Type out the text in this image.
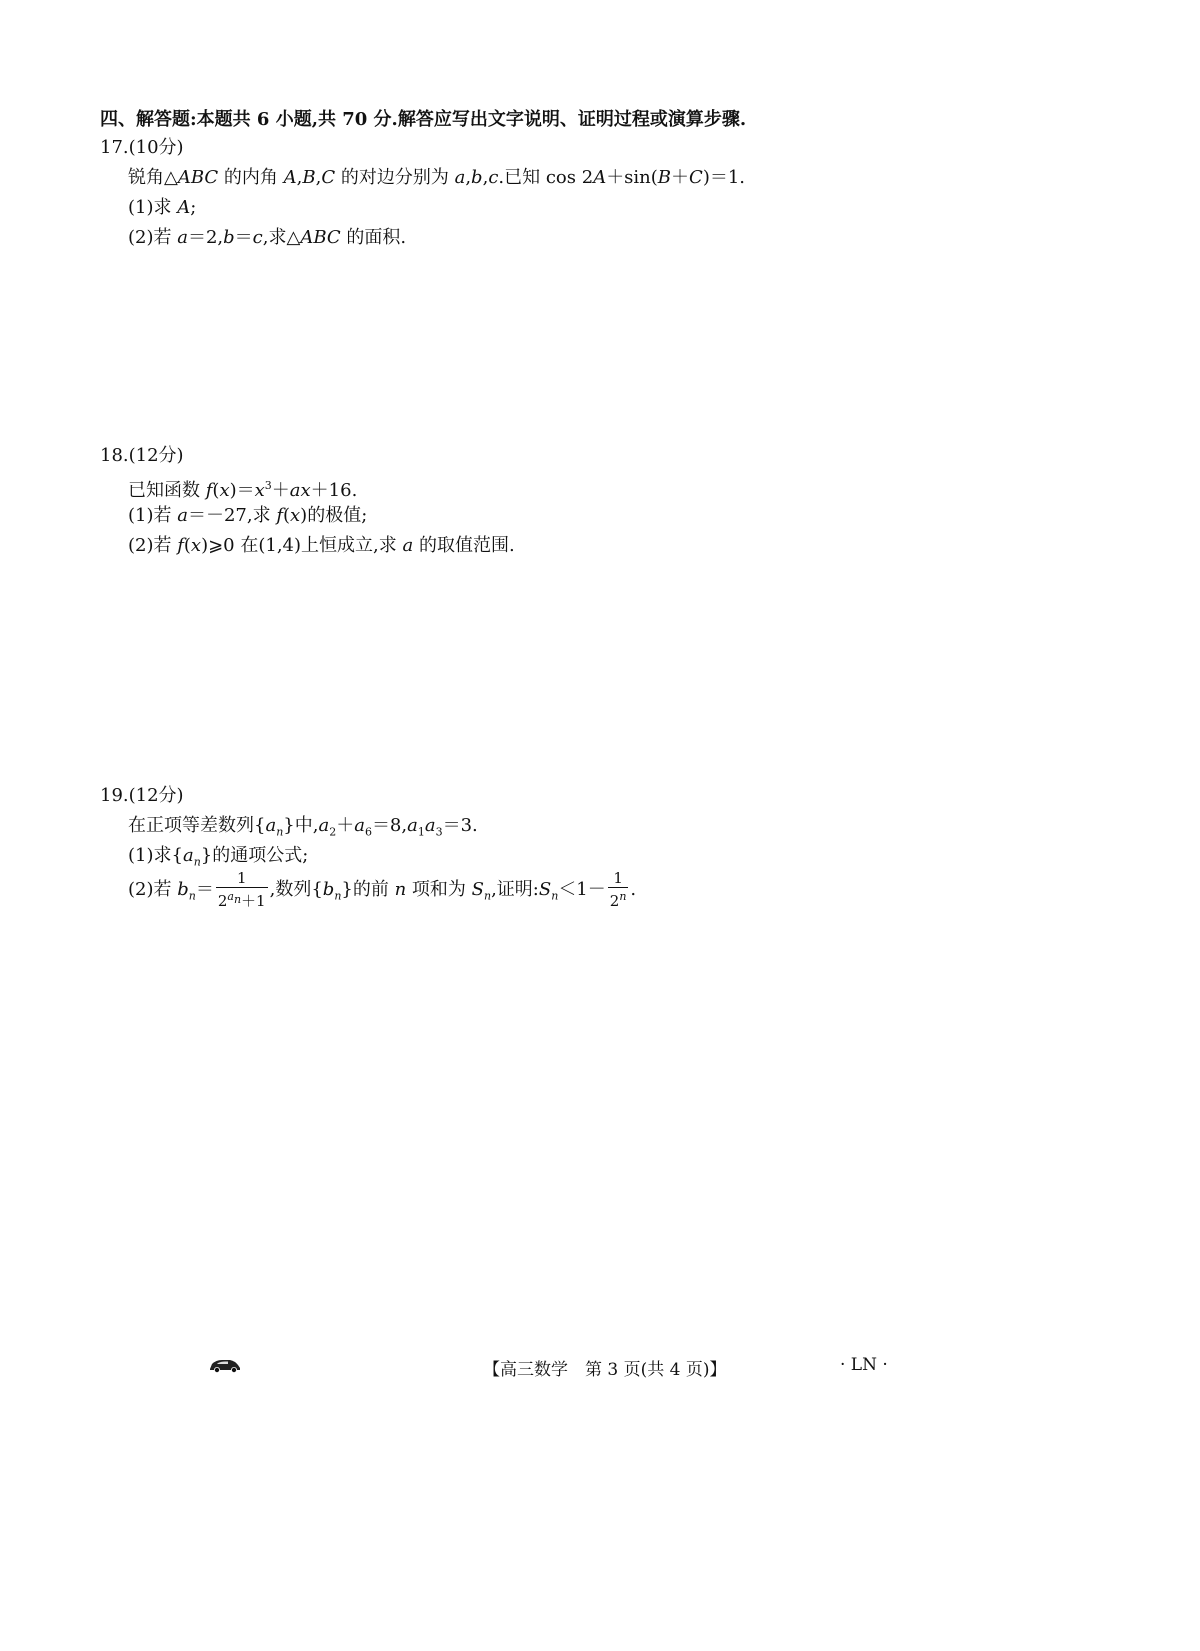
四、解答题:本题共 6 小题,共 70 分.解答应写出文字说明、证明过程或演算步骤.
17.(10分)
锐角△ABC 的内角 A,B,C 的对边分别为 a,b,c.已知 cos 2A＋sin(B＋C)＝1.
(1)求 A;
(2)若 a＝2,b＝c,求△ABC 的面积.
18.(12分)
已知函数 $f(x)=x^3+ax+16$.
(1)若 a＝－27,求 f(x)的极值;
(2)若 f(x)⩾0 在(1,4)上恒成立,求 a 的取值范围.
19.(12分)
在正项等差数列$\{a_n\}$中$,a_2+a_6=8,a_1a_3=3$.
(1)求$\{a_n\}$的通项公式;
(2)若 $b_n= \frac{1}{2^{a_n}+1}$ ,数列$\{b_n\}$的前 n 项和为 $S_n$,证明$:S_n<1- \frac{1}{2^n}$ .
【高三数学　第 3 页(共 4 页)】	· LN ·
